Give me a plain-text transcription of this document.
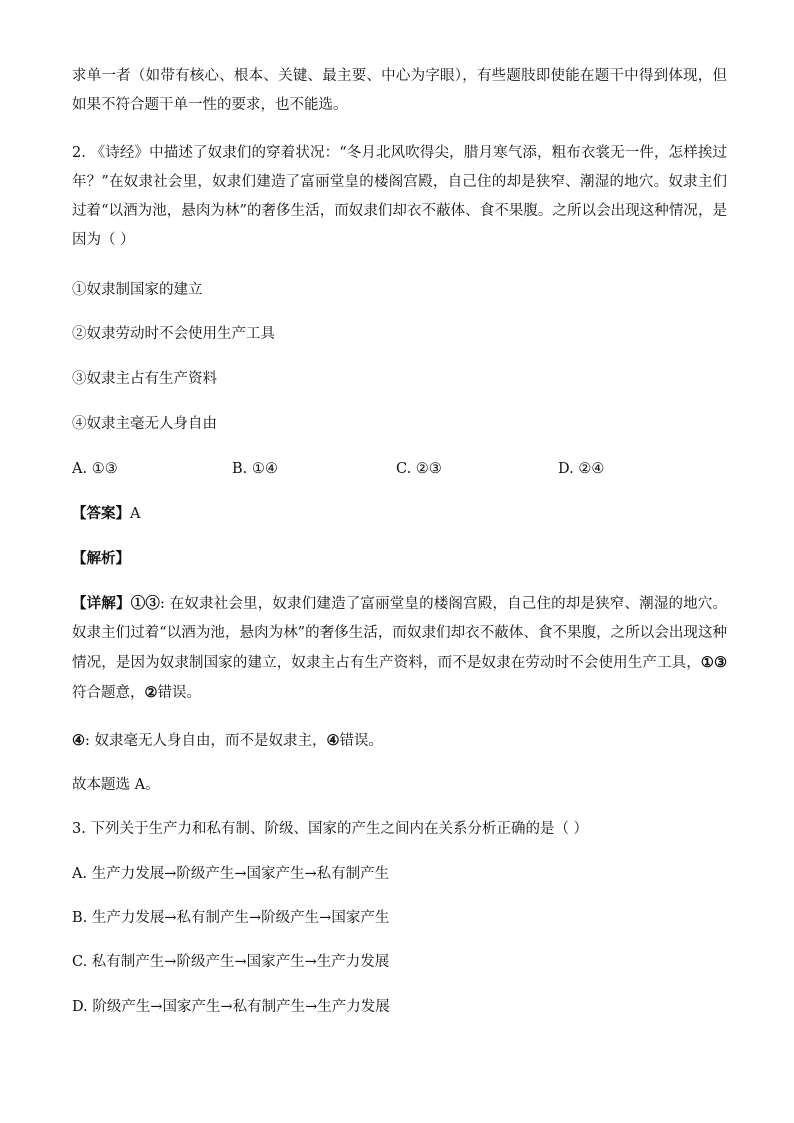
求单一者（如带有核心、根本、关键、最主要、中心为字眼），有些题肢即使能在题干中得到体现，但如果不符合题干单一性的要求，也不能选。
2. 《诗经》中描述了奴隶们的穿着状况：“冬月北风吹得尖，腊月寒气添，粗布衣裳无一件，怎样挨过年？”在奴隶社会里，奴隶们建造了富丽堂皇的楼阁宫殿，自己住的却是狭窄、潮湿的地穴。奴隶主们过着“以酒为池，悬肉为林”的奢侈生活，而奴隶们却衣不蔽体、食不果腹。之所以会出现这种情况，是因为（ ）
①奴隶制国家的建立
②奴隶劳动时不会使用生产工具
③奴隶主占有生产资料
④奴隶主毫无人身自由
A. ①③	B. ①④	C. ②③	D. ②④
【答案】A
【解析】
【详解】①③: 在奴隶社会里，奴隶们建造了富丽堂皇的楼阁宫殿，自己住的却是狭窄、潮湿的地穴。奴隶主们过着“以酒为池，悬肉为林”的奢侈生活，而奴隶们却衣不蔽体、食不果腹，之所以会出现这种情况，是因为奴隶制国家的建立，奴隶主占有生产资料，而不是奴隶在劳动时不会使用生产工具，①③符合题意，②错误。
④: 奴隶毫无人身自由，而不是奴隶主，④错误。
故本题选 A。
3. 下列关于生产力和私有制、阶级、国家的产生之间内在关系分析正确的是（ ）
A. 生产力发展→阶级产生→国家产生→私有制产生
B. 生产力发展→私有制产生→阶级产生→国家产生
C. 私有制产生→阶级产生→国家产生→生产力发展
D. 阶级产生→国家产生→私有制产生→生产力发展
